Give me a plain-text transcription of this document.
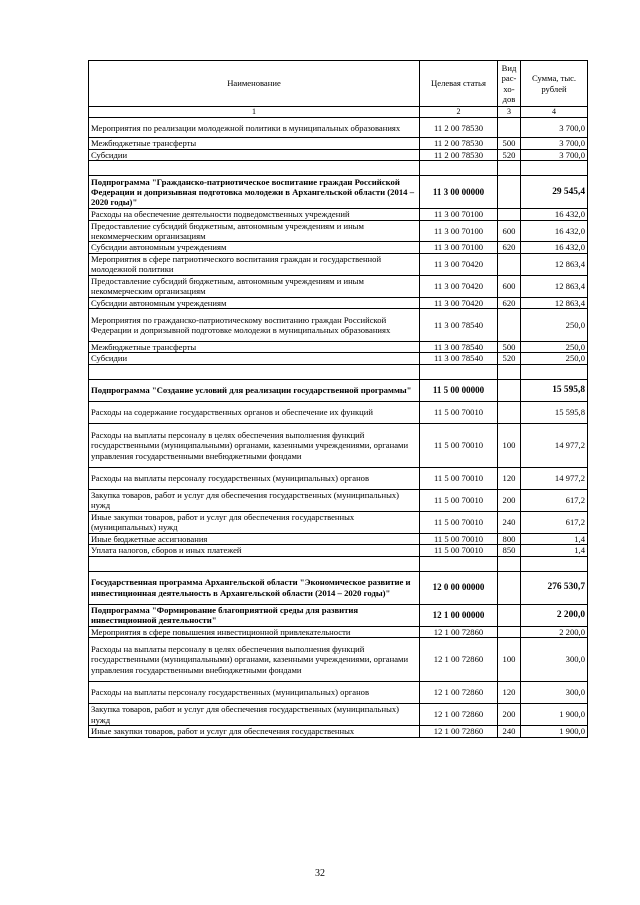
Наименование	Целевая статья	Вид рас-хо-дов	Сумма, тыс. рублей
1	2	3	4
Мероприятия по реализации молодежной политики в муниципальных образованиях	11 2 00 78530		3 700,0
Межбюджетные трансферты	11 2 00 78530	500	3 700,0
Субсидии	11 2 00 78530	520	3 700,0

Подпрограмма "Гражданско-патриотическое воспитание граждан Российской Федерации и допризывная подготовка молодежи в Архангельской области (2014 – 2020 годы)"	11 3 00 00000		29 545,4
Расходы на обеспечение деятельности подведомственных учреждений	11 3 00 70100		16 432,0
Предоставление субсидий бюджетным, автономным учреждениям и иным некоммерческим организациям	11 3 00 70100	600	16 432,0
Субсидии автономным учреждениям	11 3 00 70100	620	16 432,0
Мероприятия в сфере патриотического воспитания граждан и государственной молодежной политики	11 3 00 70420		12 863,4
Предоставление субсидий бюджетным, автономным учреждениям и иным некоммерческим организациям	11 3 00 70420	600	12 863,4
Субсидии автономным учреждениям	11 3 00 70420	620	12 863,4
Мероприятия по гражданско-патриотическому воспитанию граждан Российской Федерации и допризывной подготовке молодежи в муниципальных образованиях	11 3 00 78540		250,0
Межбюджетные трансферты	11 3 00 78540	500	250,0
Субсидии	11 3 00 78540	520	250,0

Подпрограмма "Создание условий для реализации государственной программы"	11 5 00 00000		15 595,8
Расходы на содержание государственных органов и обеспечение их функций	11 5 00 70010		15 595,8
Расходы на выплаты персоналу в целях обеспечения выполнения функций государственными (муниципальными) органами, казенными учреждениями, органами управления государственными внебюджетными фондами	11 5 00 70010	100	14 977,2
Расходы на выплаты персоналу государственных (муниципальных) органов	11 5 00 70010	120	14 977,2
Закупка товаров, работ и услуг для обеспечения государственных (муниципальных) нужд	11 5 00 70010	200	617,2
Иные закупки товаров, работ и услуг для обеспечения государственных (муниципальных) нужд	11 5 00 70010	240	617,2
Иные бюджетные ассигнования	11 5 00 70010	800	1,4
Уплата налогов, сборов и иных платежей	11 5 00 70010	850	1,4

Государственная программа Архангельской области "Экономическое развитие и инвестиционная деятельность в Архангельской области (2014 – 2020 годы)"	12 0 00 00000		276 530,7
Подпрограмма "Формирование благоприятной среды для развития инвестиционной деятельности"	12 1 00 00000		2 200,0
Мероприятия в сфере повышения инвестиционной привлекательности	12 1 00 72860		2 200,0
Расходы на выплаты персоналу в целях обеспечения выполнения функций государственными (муниципальными) органами, казенными учреждениями, органами управления государственными внебюджетными фондами	12 1 00 72860	100	300,0
Расходы на выплаты персоналу государственных (муниципальных) органов	12 1 00 72860	120	300,0
Закупка товаров, работ и услуг для обеспечения государственных (муниципальных) нужд	12 1 00 72860	200	1 900,0
Иные закупки товаров, работ и услуг для обеспечения государственных	12 1 00 72860	240	1 900,0
32
